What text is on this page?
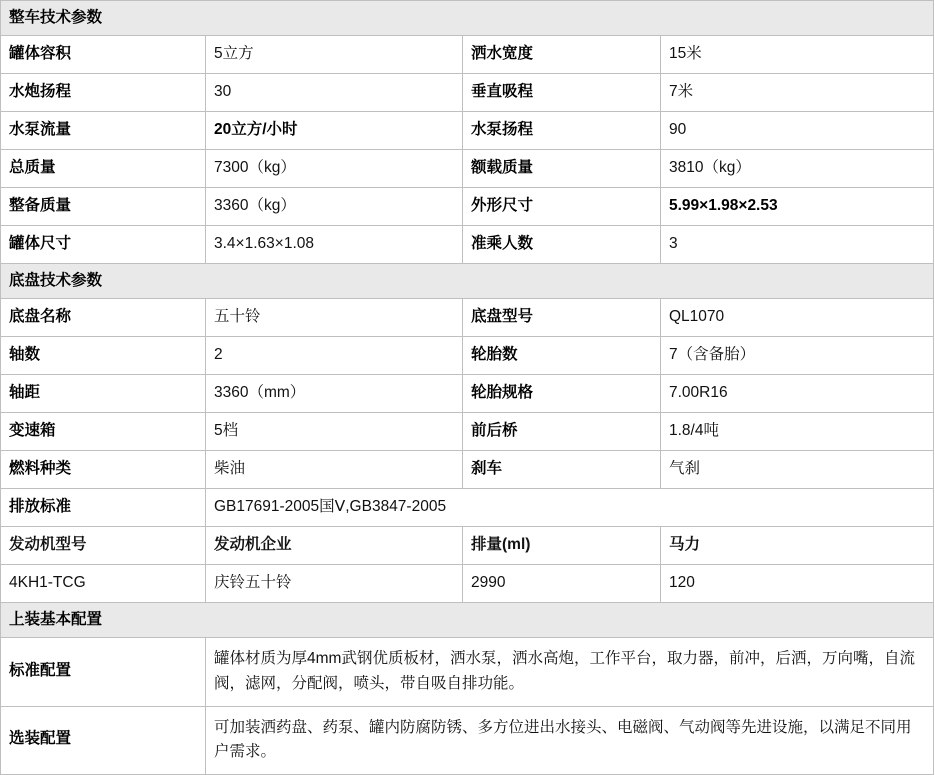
整车技术参数			
罐体容积	5立方	洒水宽度	15米
水炮扬程	30	垂直吸程	7米
水泵流量	20立方/小时	水泵扬程	90
总质量	7300（kg）	额载质量	3810（kg）
整备质量	3360（kg）	外形尺寸	5.99×1.98×2.53
罐体尺寸	3.4×1.63×1.08	准乘人数	3
底盘技术参数			
底盘名称	五十铃	底盘型号	QL1070
轴数	2	轮胎数	7（含备胎）
轴距	3360（mm）	轮胎规格	7.00R16
变速箱	5档	前后桥	1.8/4吨
燃料种类	柴油	刹车	气刹
排放标准	GB17691-2005国Ⅴ,GB3847-2005		
发动机型号	发动机企业	排量(ml)	马力
4KH1-TCG	庆铃五十铃	2990	120
上装基本配置			
标准配置	罐体材质为厚4mm武钢优质板材，洒水泵，洒水高炮，工作平台，取力器，前冲，后洒，万向嘴，自流阀，滤网，分配阀，喷头，带自吸自排功能。		
选装配置	可加装洒药盘、药泵、罐内防腐防锈、多方位进出水接头、电磁阀、气动阀等先进设施，以满足不同用户需求。		
